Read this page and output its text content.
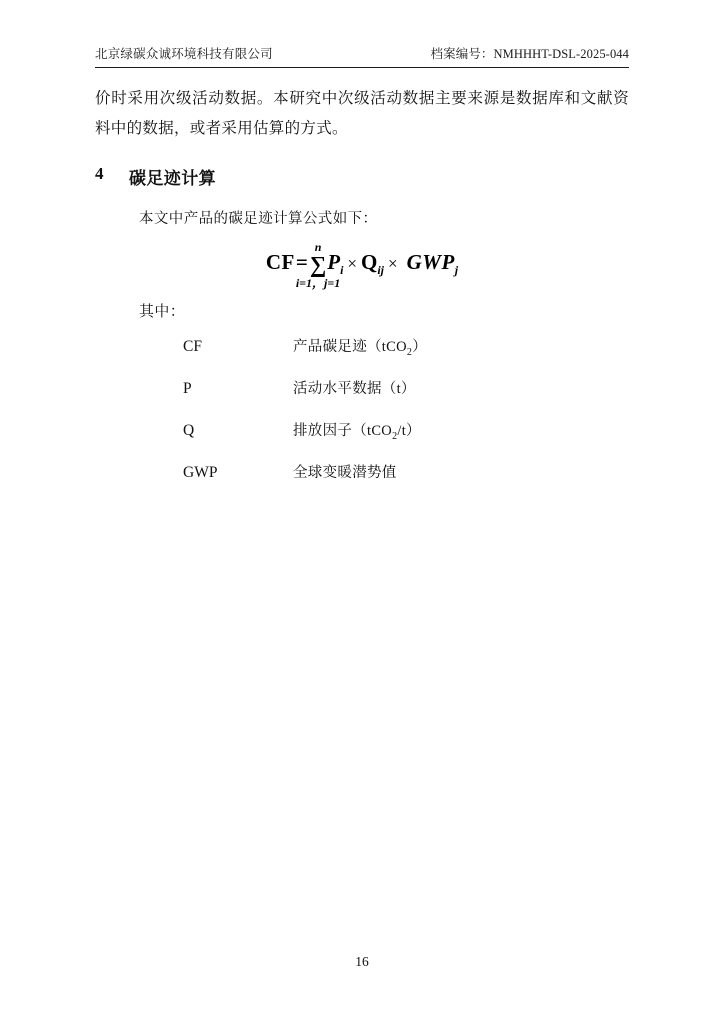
北京绿碳众诚环境科技有限公司	档案编号：NMHHHT-DSL-2025-044
价时采用次级活动数据。本研究中次级活动数据主要来源是数据库和文献资料中的数据，或者采用估算的方式。
4	碳足迹计算
本文中产品的碳足迹计算公式如下：
CF=
n
∑
i=1，j=1
$P_i \times Q_{ij} \times GWP_j$
其中：
CF	产品碳足迹（tCO$_2$）
P	活动水平数据（t）
Q	排放因子（tCO$_2$/t）
GWP	全球变暖潜势值
16
